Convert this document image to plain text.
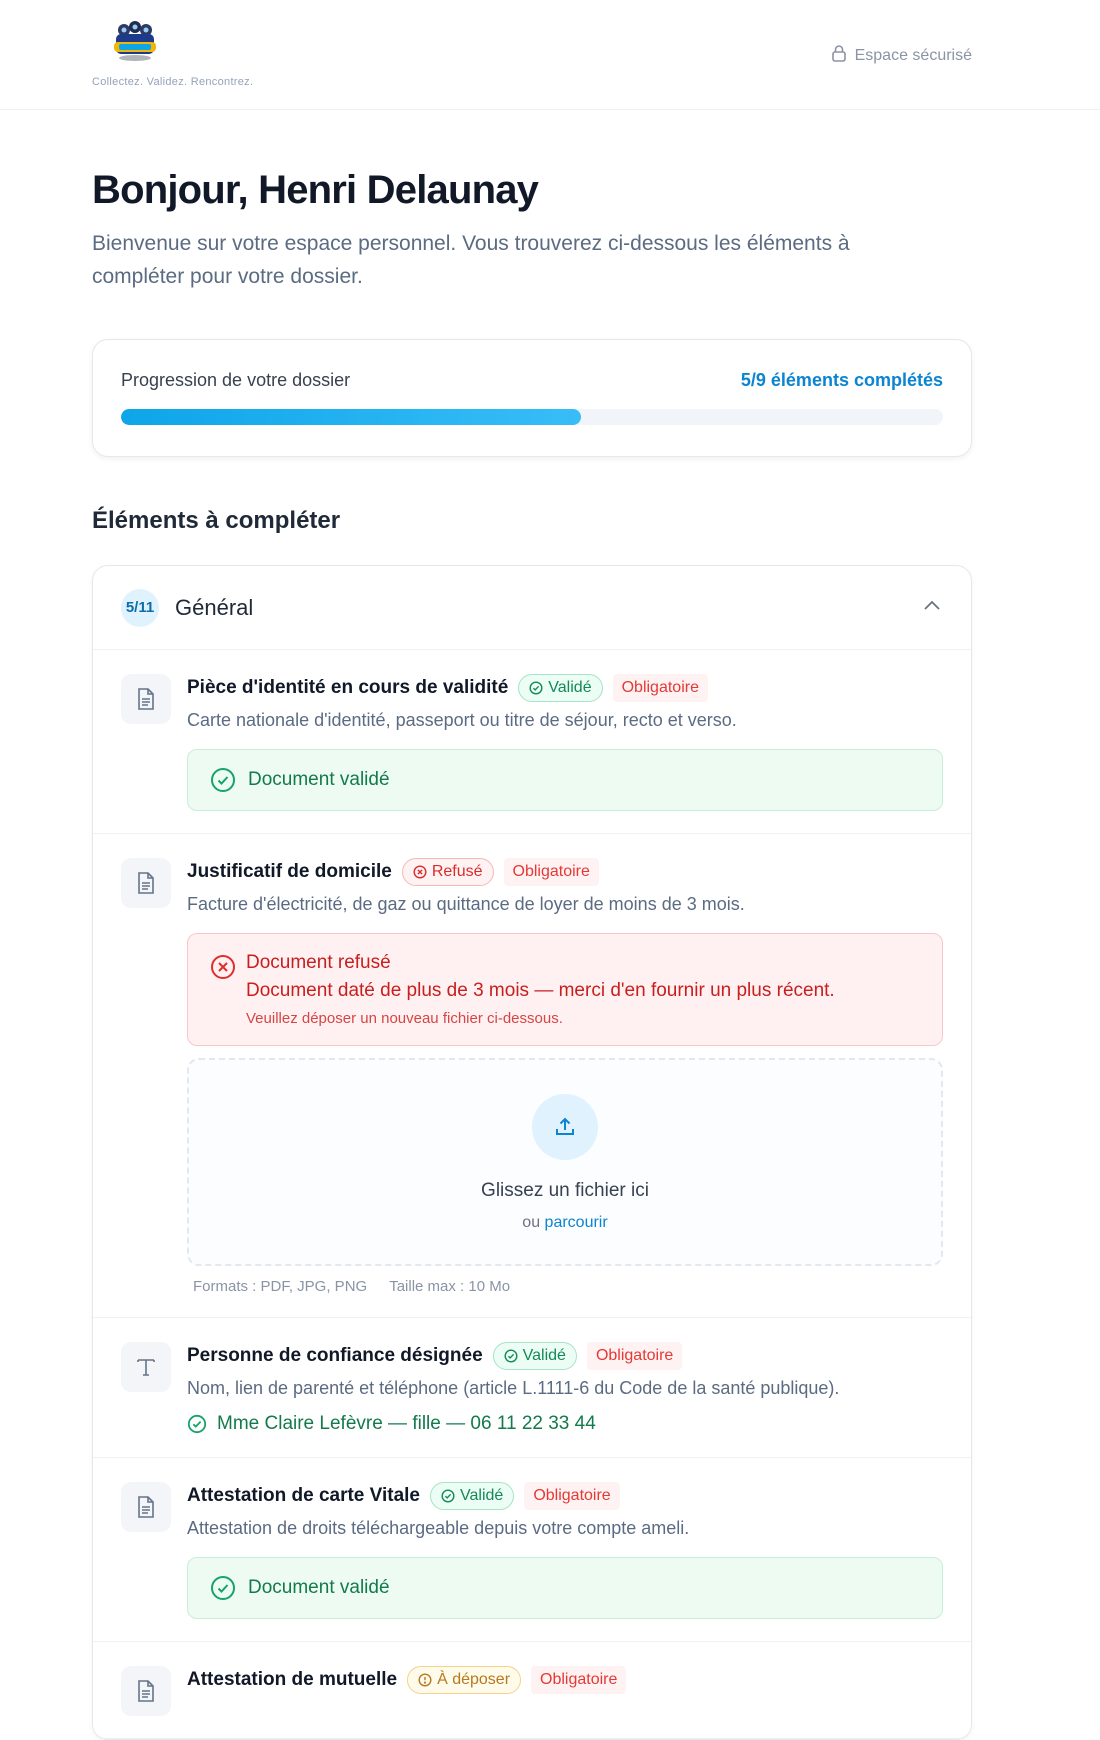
Collectez. Validez. Rencontrez.
Espace sécurisé
Bonjour, Henri Delaunay

Bienvenue sur votre espace personnel. Vous trouverez ci-dessous les éléments à compléter pour votre dossier.

Progression de votre dossier	5/9 éléments complétés
Éléments à compléter
5/11 Général
Pièce d'identité en cours de validité	Validé	Obligatoire

Carte nationale d'identité, passeport ou titre de séjour, recto et verso.

Document validé
Justificatif de domicile	Refusé	Obligatoire

Facture d'électricité, de gaz ou quittance de loyer de moins de 3 mois.

Document refusé
Document daté de plus de 3 mois — merci d'en fournir un plus récent.
Veuillez déposer un nouveau fichier ci-dessous.
Glissez un fichier ici
ou parcourir
Formats : PDF, JPG, PNG Taille max : 10 Mo
Personne de confiance désignée	Validé	Obligatoire

Nom, lien de parenté et téléphone (article L.1111-6 du Code de la santé publique).

Mme Claire Lefèvre — fille — 06 11 22 33 44
Attestation de carte Vitale	Validé	Obligatoire

Attestation de droits téléchargeable depuis votre compte ameli.

Document validé
Attestation de mutuelle	À déposer	Obligatoire
